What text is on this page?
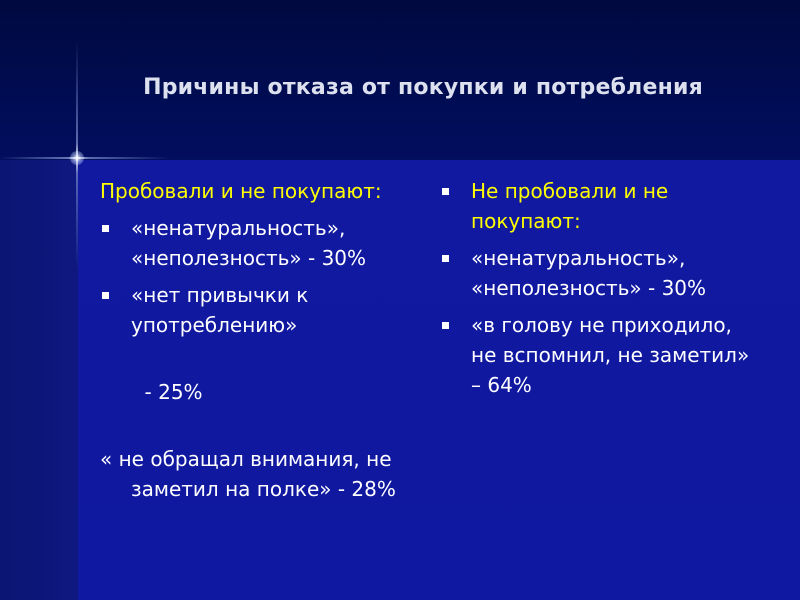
Причины отказа от покупки и потребления
Пробовали и не покупают:
«ненатуральность», «неполезность» - 30%
«нет привычки к употреблению»

- 25%

« не обращал внимания, не заметил на полке» - 28%
Не пробовали и не покупают:
«ненатуральность», «неполезность» - 30%
«в голову не приходило, не вспомнил, не заметил» – 64%
